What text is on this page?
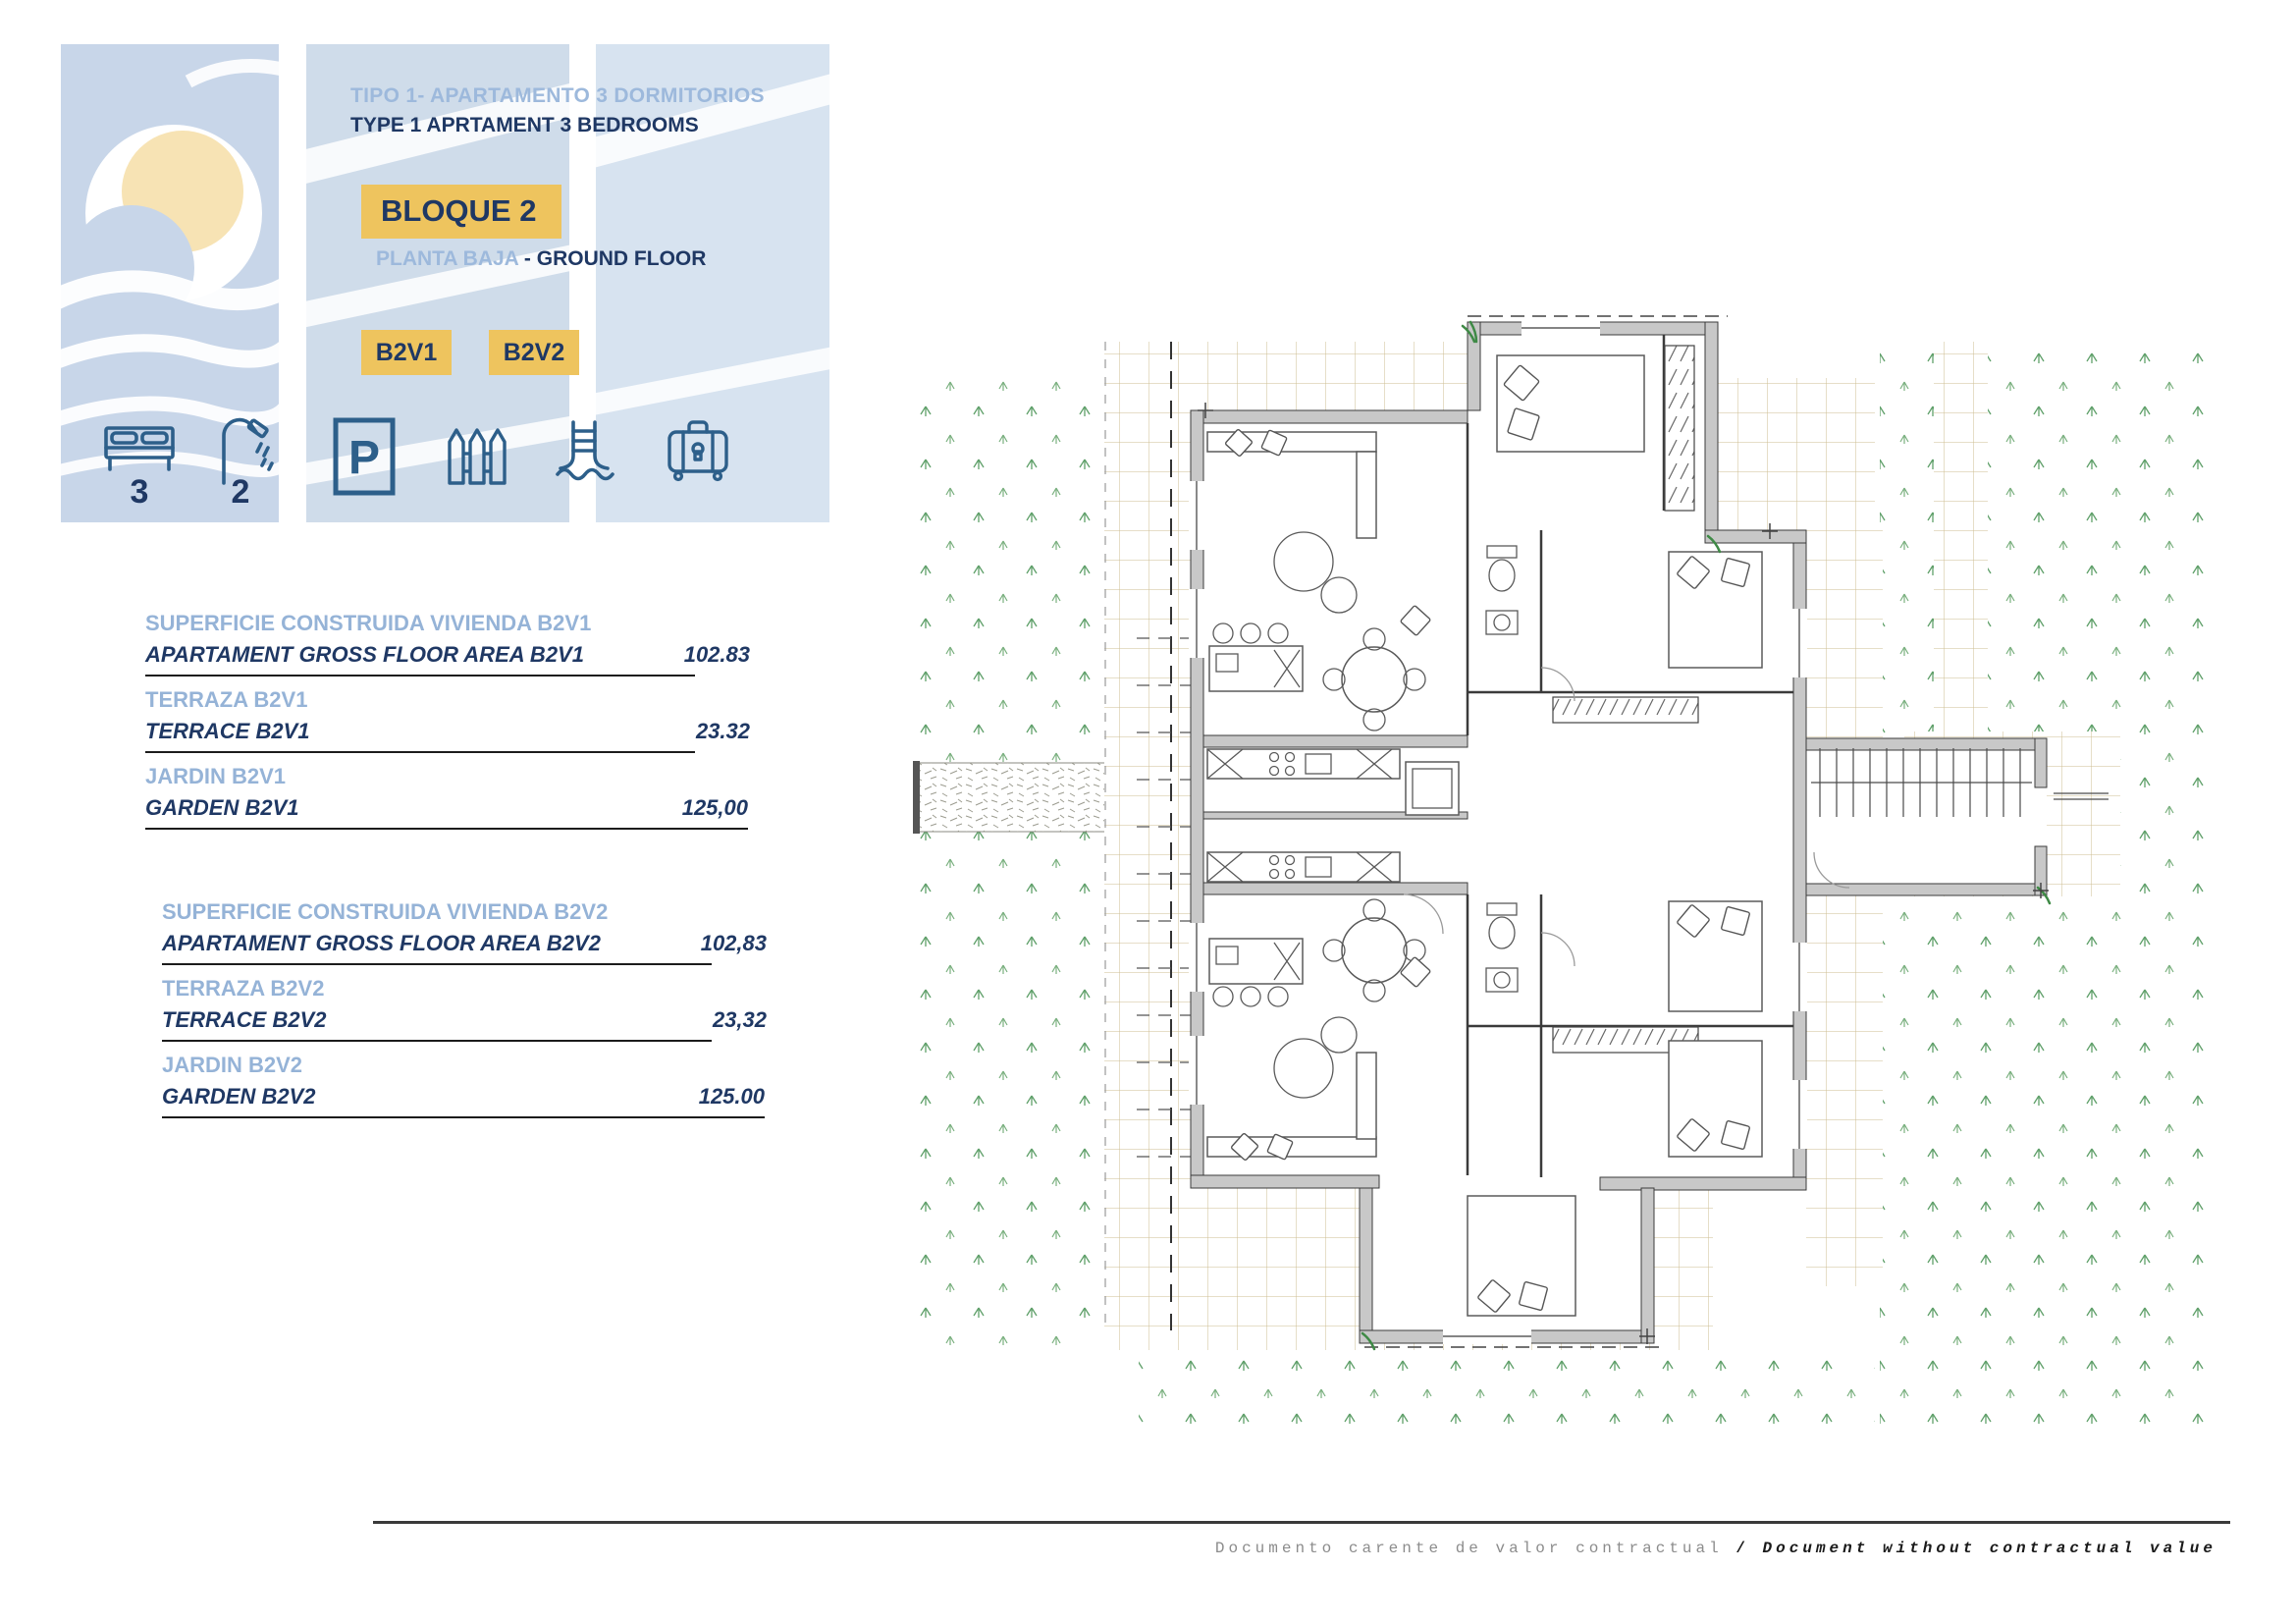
TIPO 1- APARTAMENTO 3 DORMITORIOS
TYPE 1 APRTAMENT 3 BEDROOMS
BLOQUE 2
PLANTA BAJA - GROUND FLOOR
B2V1	B2V2
3	2
P
SUPERFICIE CONSTRUIDA VIVIENDA B2V1
APARTAMENT GROSS FLOOR AREA B2V1	102.83
TERRAZA B2V1
TERRACE B2V1	23.32
JARDIN B2V1
GARDEN B2V1	125,00
SUPERFICIE CONSTRUIDA VIVIENDA B2V2
APARTAMENT GROSS FLOOR AREA B2V2	102,83
TERRAZA B2V2
TERRACE B2V2	23,32
JARDIN B2V2
GARDEN B2V2	125.00
Documento carente de valor contractual / Document without contractual value
